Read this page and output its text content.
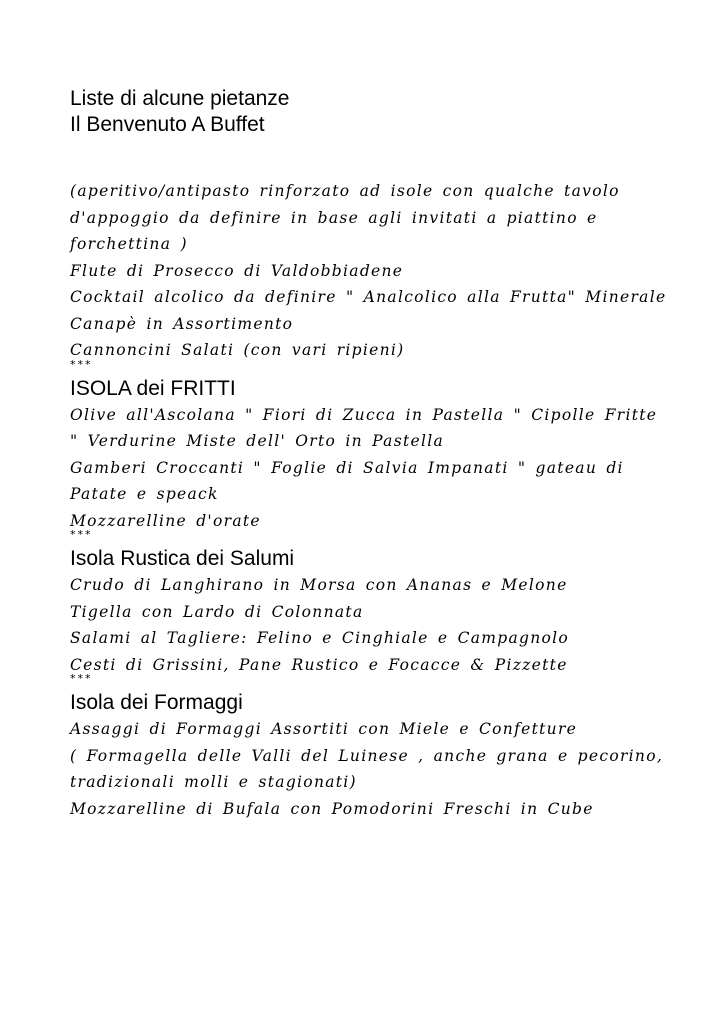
Liste di alcune pietanze

Il Benvenuto A Buffet

(aperitivo/antipasto rinforzato ad isole con qualche tavolo d'appoggio da definire in base agli invitati a piattino e forchettina )

Flute di Prosecco di Valdobbiadene

Cocktail alcolico da definire " Analcolico alla Frutta" Minerale

Canapè in Assortimento

Cannoncini Salati (con vari ripieni)

***

ISOLA dei FRITTI

Olive all'Ascolana " Fiori di Zucca in Pastella " Cipolle Fritte

" Verdurine Miste dell' Orto in Pastella

Gamberi Croccanti " Foglie di Salvia Impanati " gateau di Patate e speack

Mozzarelline d'orate

***

Isola Rustica dei Salumi

Crudo di Langhirano in Morsa con Ananas e Melone

Tigella con Lardo di Colonnata

Salami al Tagliere: Felino e Cinghiale e Campagnolo

Cesti di Grissini, Pane Rustico e Focacce & Pizzette

***

Isola dei Formaggi

Assaggi di Formaggi Assortiti con Miele e Confetture

( Formagella delle Valli del Luinese , anche grana e pecorino, tradizionali molli e stagionati)

Mozzarelline di Bufala con Pomodorini Freschi in Cube
